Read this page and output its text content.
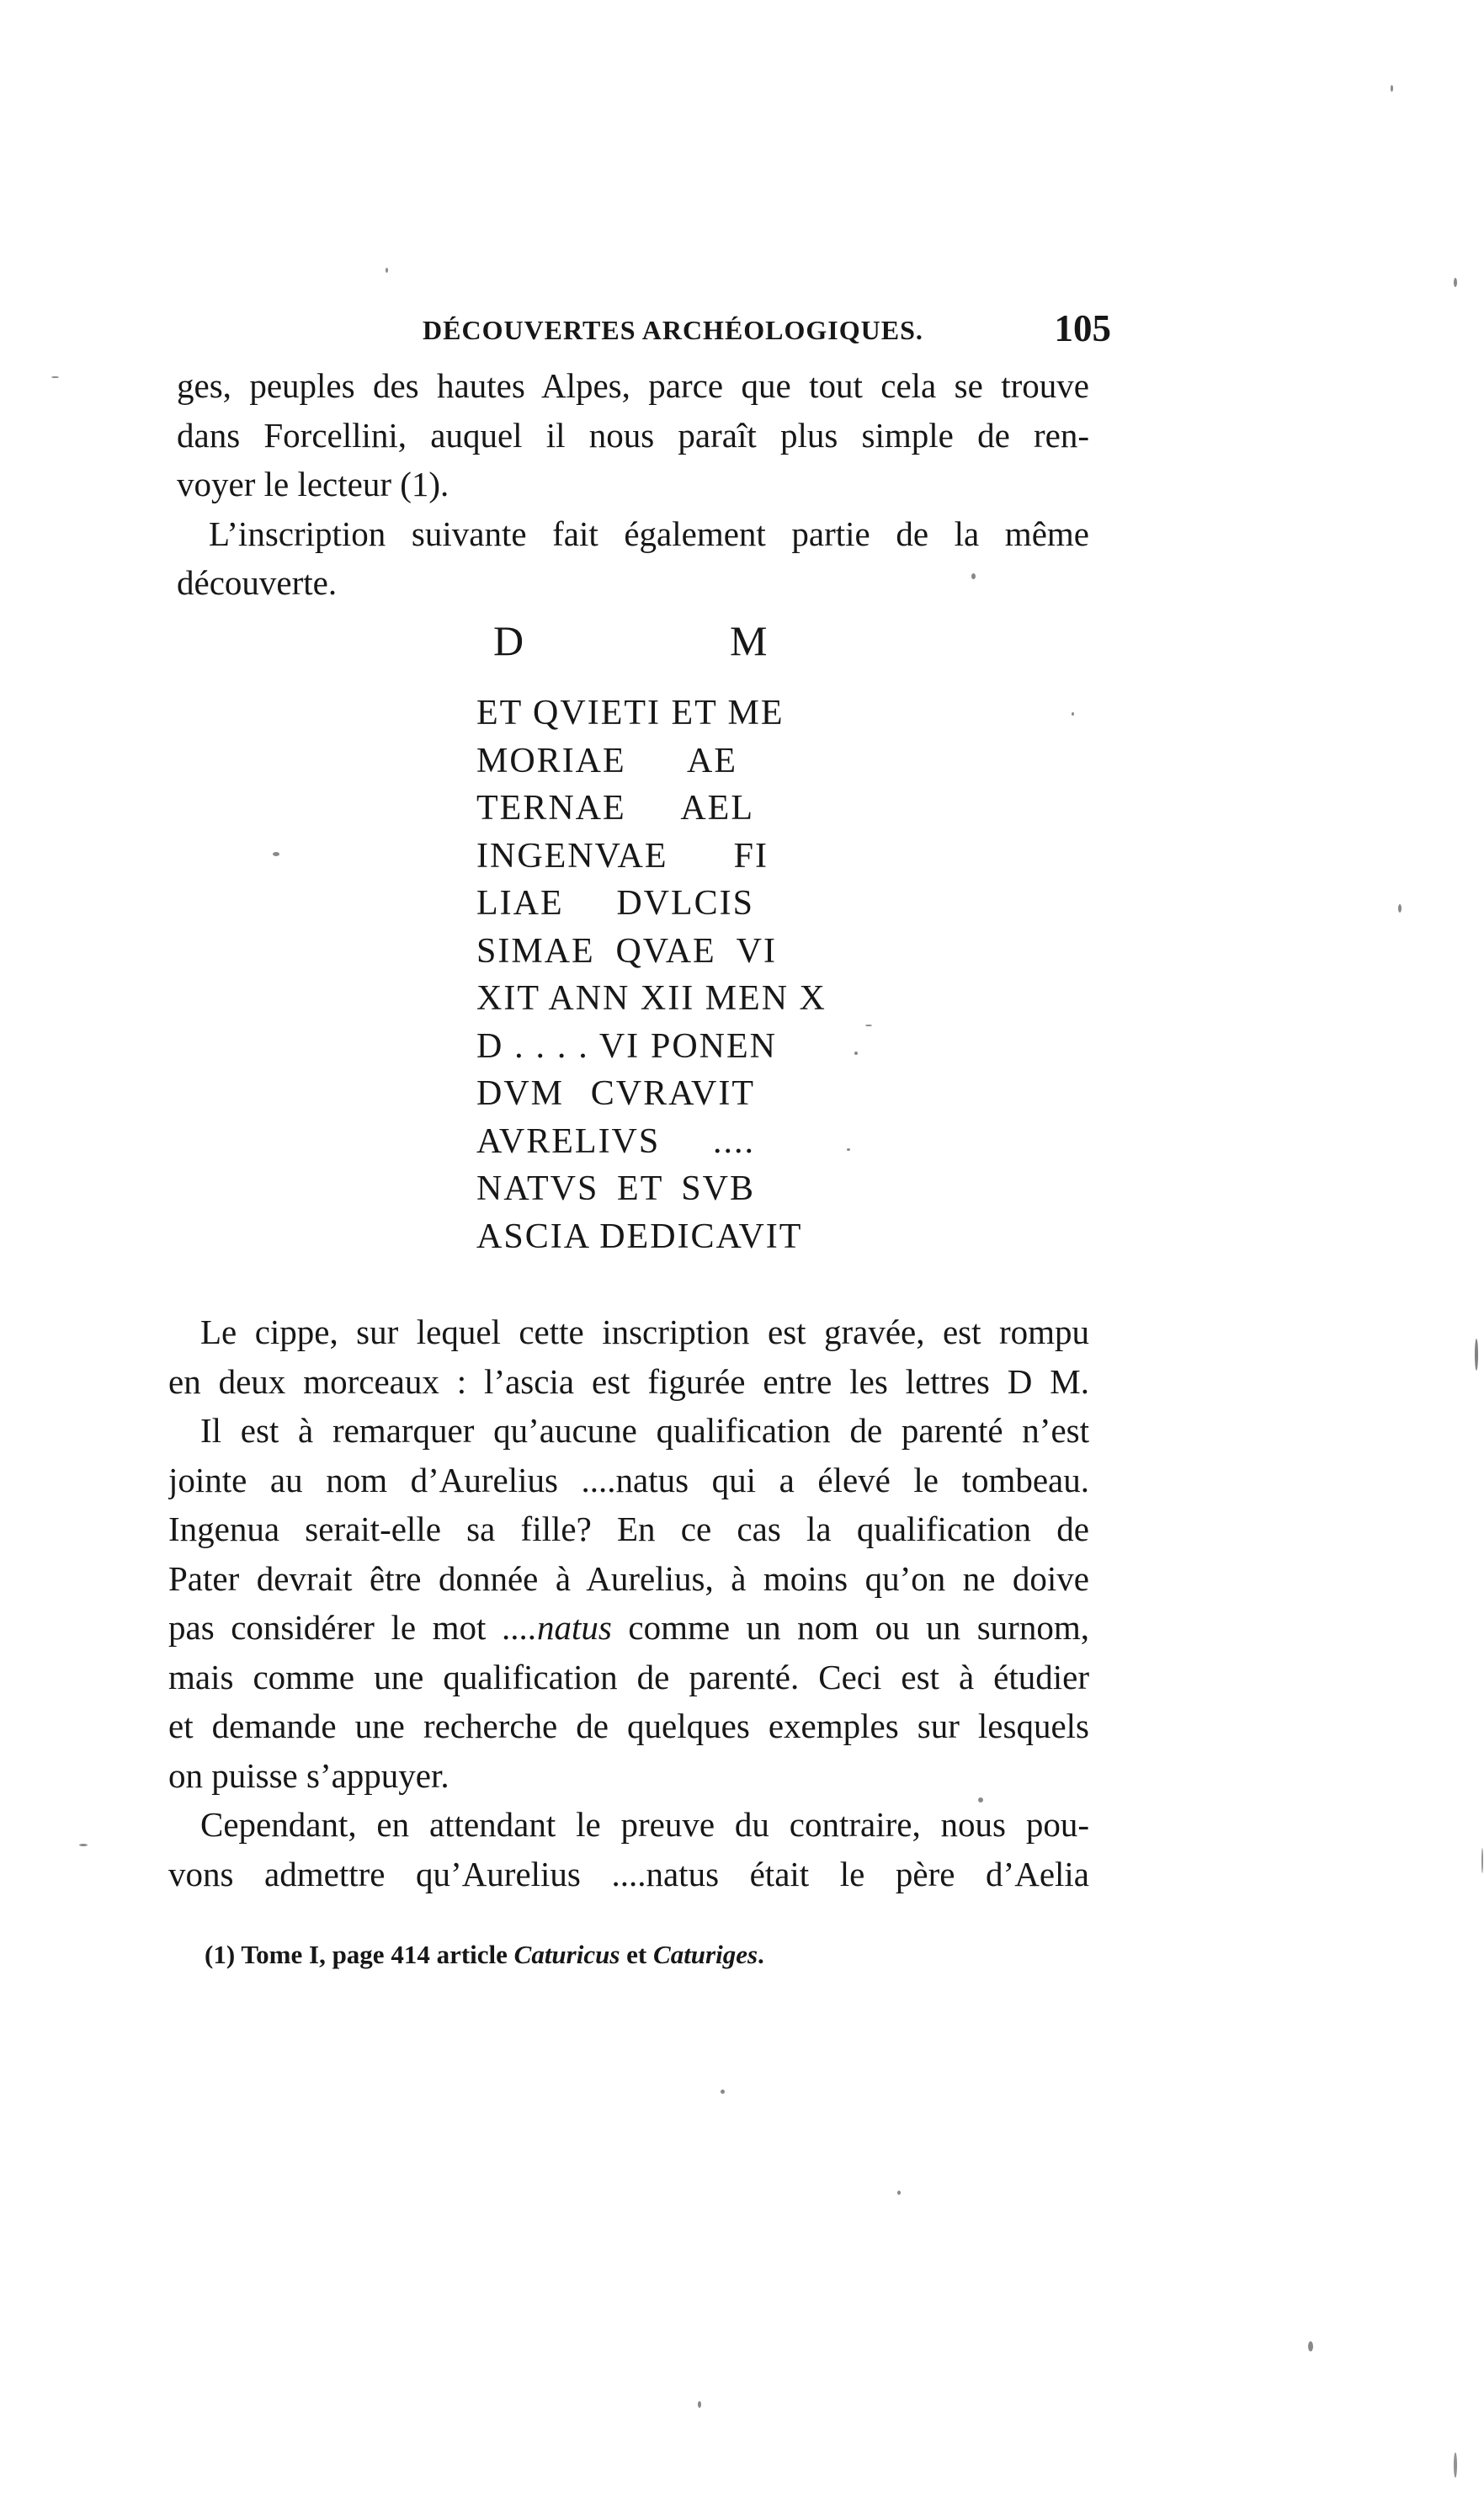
DÉCOUVERTES ARCHÉOLOGIQUES.	105
ges, peuples des hautes Alpes, parce que tout cela se trouve
dans Forcellini, auquel il nous paraît plus simple de ren-
voyer le lecteur (1).
L’inscription suivante fait également partie de la même
découverte.
D	M
ET QVIETI ET ME
MORIAE AE
TERNAE AEL
INGENVAE FI
LIAE DVLCIS
SIMAE QVAE VI
XIT ANN XII MEN X
D . . . . VI PONEN
DVM CVRAVIT
AVRELIVS ....
NATVS ET SVB
ASCIA DEDICAVIT
Le cippe, sur lequel cette inscription est gravée, est rompu
en deux morceaux : l’ascia est figurée entre les lettres D M.
Il est à remarquer qu’aucune qualification de parenté n’est
jointe au nom d’Aurelius ....natus qui a élevé le tombeau.
Ingenua serait-elle sa fille? En ce cas la qualification de
Pater devrait être donnée à Aurelius, à moins qu’on ne doive
pas considérer le mot ....natus comme un nom ou un surnom,
mais comme une qualification de parenté. Ceci est à étudier
et demande une recherche de quelques exemples sur lesquels
on puisse s’appuyer.
Cependant, en attendant le preuve du contraire, nous pou-
vons admettre qu’Aurelius ....natus était le père d’Aelia
(1) Tome I, page 414 article Caturicus et Caturiges.
